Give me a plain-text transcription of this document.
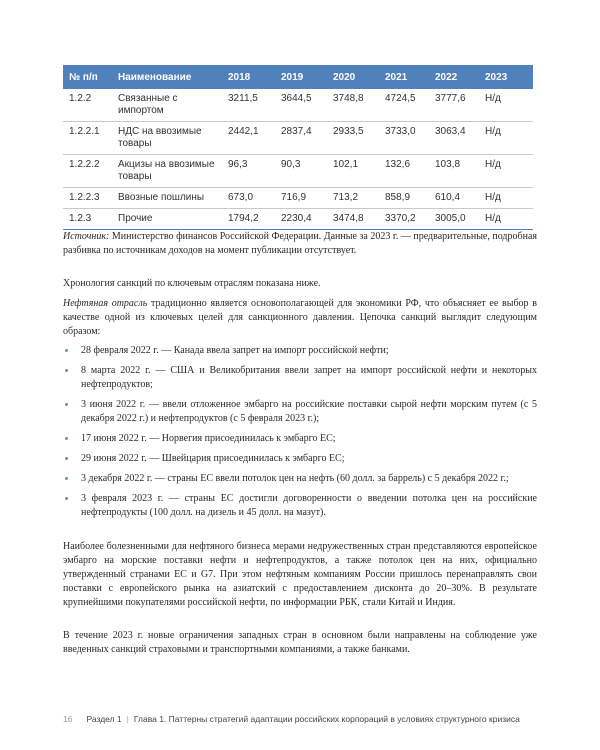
№ п/п	Наименование	2018	2019	2020	2021	2022	2023
1.2.2	Связанные с импортом	3211,5	3644,5	3748,8	4724,5	3777,6	Н/д
1.2.2.1	НДС на ввозимые товары	2442,1	2837,4	2933,5	3733,0	3063,4	Н/д
1.2.2.2	Акцизы на ввозимые товары	96,3	90,3	102,1	132,6	103,8	Н/д
1.2.2.3	Ввозные пошлины	673,0	716,9	713,2	858,9	610,4	Н/д
1.2.3	Прочие	1794,2	2230,4	3474,8	3370,2	3005,0	Н/д

Источник: Министерство финансов Российской Федерации. Данные за 2023 г. — предварительные, подробная разбивка по источникам доходов на момент публикации отсутствует.

Хронология санкций по ключевым отраслям показана ниже.

Нефтяная отрасль традиционно является основополагающей для экономики РФ, что объясняет ее выбор в качестве одной из ключевых целей для санкционного давления. Цепочка санкций выглядит следующим образом:

28 февраля 2022 г. — Канада ввела запрет на импорт российской нефти;
8 марта 2022 г. — США и Великобритания ввели запрет на импорт российской нефти и некоторых нефтепродуктов;
3 июня 2022 г. — ввели отложенное эмбарго на российские поставки сырой нефти морским путем (с 5 декабря 2022 г.) и нефтепродуктов (с 5 февраля 2023 г.);
17 июня 2022 г. — Норвегия присоединилась к эмбарго ЕС;
29 июня 2022 г. — Швейцария присоединилась к эмбарго ЕС;
3 декабря 2022 г. — страны ЕС ввели потолок цен на нефть (60 долл. за баррель) с 5 декабря 2022 г.;
3 февраля 2023 г. — страны ЕС достигли договоренности о введении потолка цен на российские нефтепродукты (100 долл. на дизель и 45 долл. на мазут).

Наиболее болезненными для нефтяного бизнеса мерами недружественных стран представляются европейское эмбарго на морские поставки нефти и нефтепродуктов, а также потолок цен на них, официально утвержденный странами ЕС и G7. При этом нефтяным компаниям России пришлось перенаправлять свои поставки с европейского рынка на азиатский с предоставлением дисконта до 20–30%. В результате крупнейшими покупателями российской нефти, по информации РБК, стали Китай и Индия.

В течение 2023 г. новые ограничения западных стран в основном были направлены на соблюдение уже введенных санкций страховыми и транспортными компаниями, а также банками.

16 Раздел 1 | Глава 1. Паттерны стратегий адаптации российских корпораций в условиях структурного кризиса
